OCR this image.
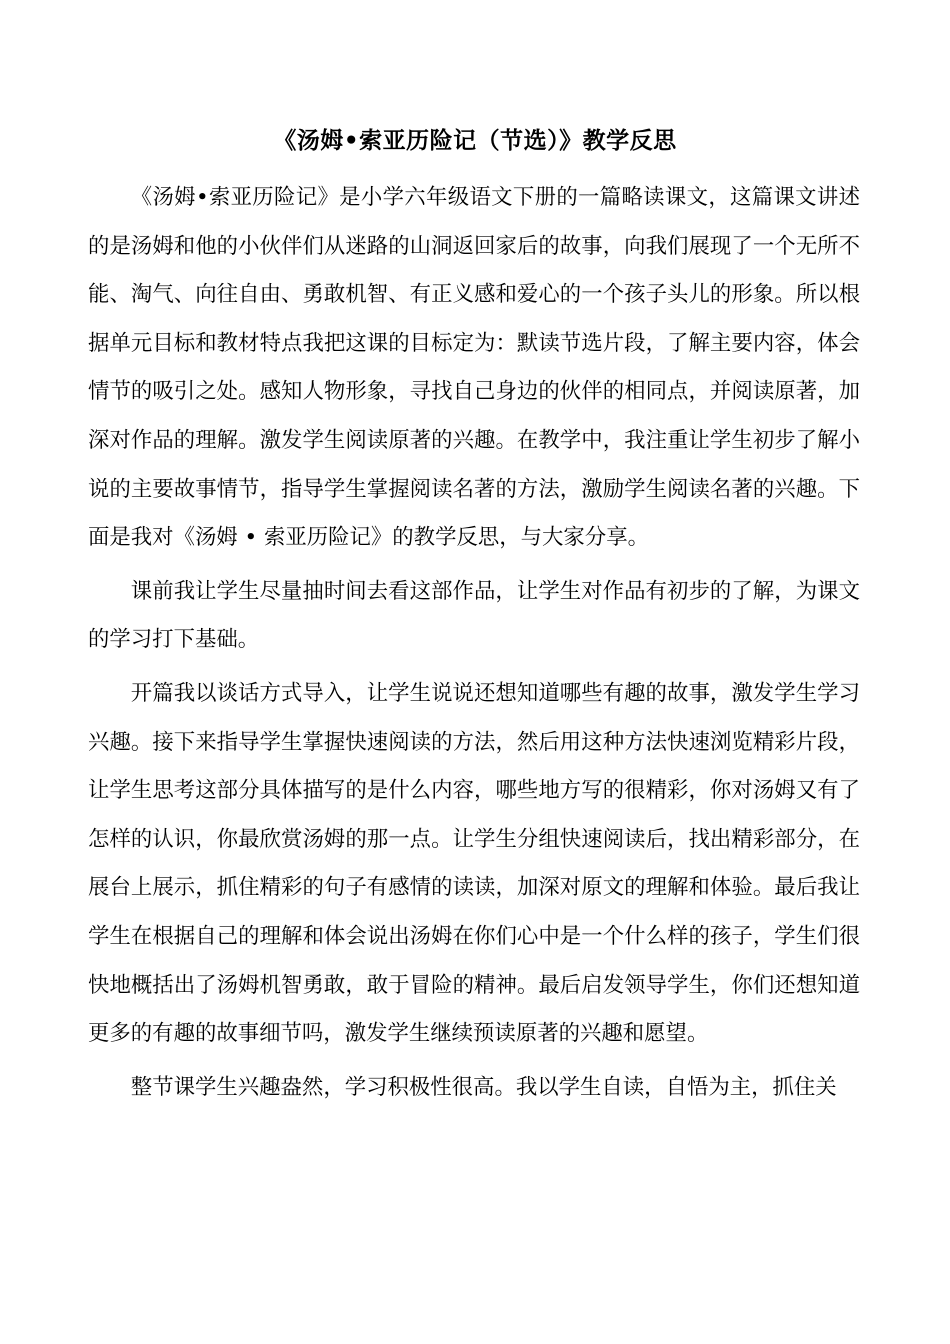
《汤姆•索亚历险记（节选）》教学反思

《汤姆•索亚历险记》是小学六年级语文下册的一篇略读课文，这篇课文讲述的是汤姆和他的小伙伴们从迷路的山洞返回家后的故事，向我们展现了一个无所不能、淘气、向往自由、勇敢机智、有正义感和爱心的一个孩子头儿的形象。所以根据单元目标和教材特点我把这课的目标定为：默读节选片段，了解主要内容，体会情节的吸引之处。感知人物形象，寻找自己身边的伙伴的相同点，并阅读原著，加深对作品的理解。激发学生阅读原著的兴趣。在教学中，我注重让学生初步了解小说的主要故事情节，指导学生掌握阅读名著的方法，激励学生阅读名著的兴趣。下面是我对《汤姆 • 索亚历险记》的教学反思，与大家分享。

课前我让学生尽量抽时间去看这部作品，让学生对作品有初步的了解，为课文的学习打下基础。

开篇我以谈话方式导入，让学生说说还想知道哪些有趣的故事，激发学生学习兴趣。接下来指导学生掌握快速阅读的方法，然后用这种方法快速浏览精彩片段，让学生思考这部分具体描写的是什么内容，哪些地方写的很精彩，你对汤姆又有了怎样的认识，你最欣赏汤姆的那一点。让学生分组快速阅读后，找出精彩部分，在展台上展示，抓住精彩的句子有感情的读读，加深对原文的理解和体验。最后我让学生在根据自己的理解和体会说出汤姆在你们心中是一个什么样的孩子，学生们很快地概括出了汤姆机智勇敢，敢于冒险的精神。最后启发领导学生，你们还想知道更多的有趣的故事细节吗，激发学生继续预读原著的兴趣和愿望。

整节课学生兴趣盎然，学习积极性很高。我以学生自读，自悟为主，抓住关
